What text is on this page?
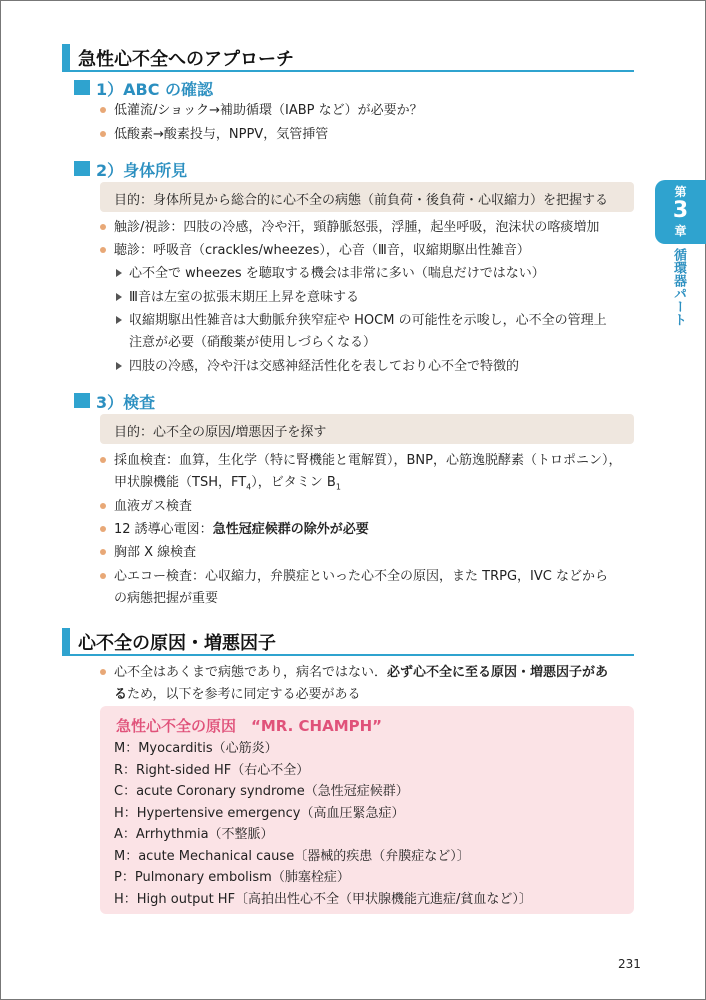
急性心不全へのアプローチ
1）ABC の確認
低灌流/ショック→補助循環（IABP など）が必要か？
低酸素→酸素投与，NPPV，気管挿管
2）身体所見
目的：身体所見から総合的に心不全の病態（前負荷・後負荷・心収縮力）を把握する
触診/視診：四肢の冷感，冷や汗，頸静脈怒張，浮腫，起坐呼吸，泡沫状の喀痰増加
聴診：呼吸音（crackles/wheezes），心音（Ⅲ音，収縮期駆出性雑音）
心不全で wheezes を聴取する機会は非常に多い（喘息だけではない）
Ⅲ音は左室の拡張末期圧上昇を意味する
収縮期駆出性雑音は大動脈弁狭窄症や HOCM の可能性を示唆し，心不全の管理上
注意が必要（硝酸薬が使用しづらくなる）
四肢の冷感，冷や汗は交感神経活性化を表しており心不全で特徴的
3）検査
目的：心不全の原因/増悪因子を探す
採血検査：血算，生化学（特に腎機能と電解質），BNP，心筋逸脱酵素（トロポニン），
甲状腺機能（TSH，$FT_4$），ビタミン $B_1$
血液ガス検査
12 誘導心電図：急性冠症候群の除外が必要
胸部 X 線検査
心エコー検査：心収縮力，弁膜症といった心不全の原因，また TRPG，IVC などから
の病態把握が重要
心不全の原因・増悪因子
心不全はあくまで病態であり，病名ではない．必ず心不全に至る原因・増悪因子があ
るため，以下を参考に同定する必要がある
急性心不全の原因　“MR. CHAMPH”
M：Myocarditis（心筋炎）
R：Right-sided HF（右心不全）
C：acute Coronary syndrome（急性冠症候群）
H：Hypertensive emergency（高血圧緊急症）
A：Arrhythmia（不整脈）
M：acute Mechanical cause〔器械的疾患（弁膜症など）〕
P：Pulmonary embolism（肺塞栓症）
H：High output HF〔高拍出性心不全（甲状腺機能亢進症/貧血など）〕
第
3
章
循環器パート
231
